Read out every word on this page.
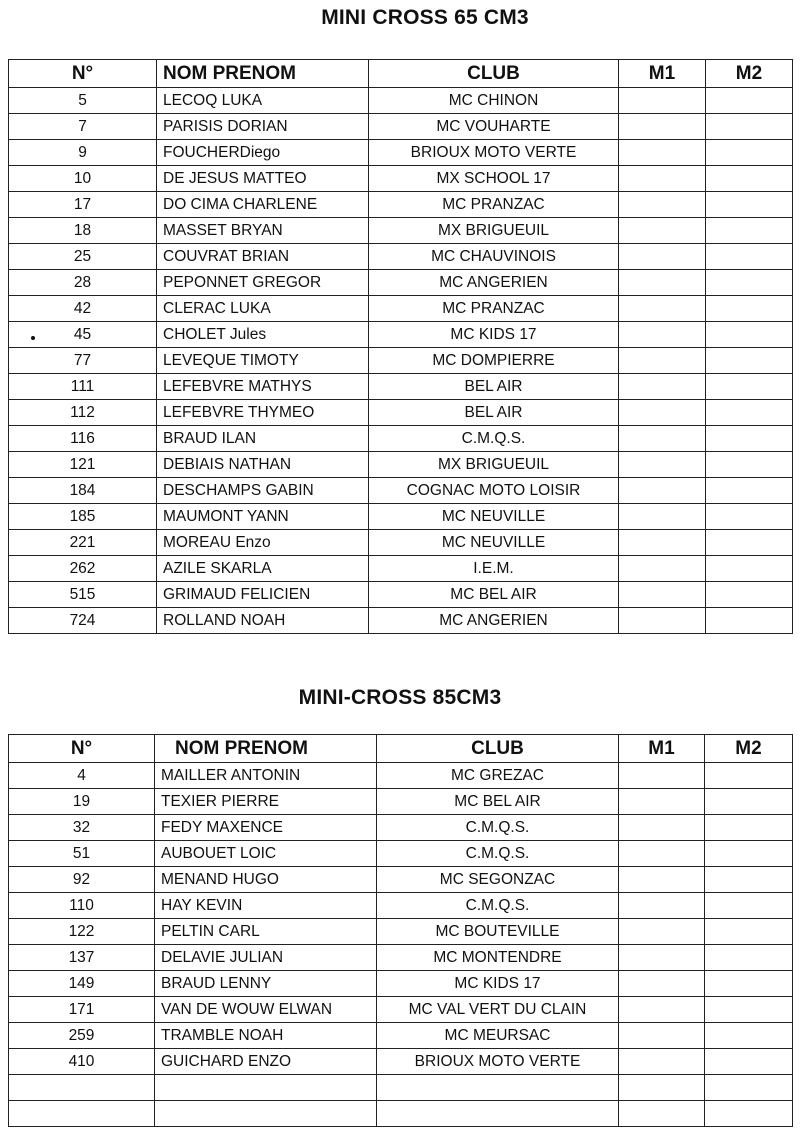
MINI CROSS 65 CM3
N°	NOM PRENOM	CLUB	M1	M2
5	LECOQ LUKA	MC CHINON		
7	PARISIS DORIAN	MC VOUHARTE		
9	FOUCHERDiego	BRIOUX MOTO VERTE		
10	DE JESUS MATTEO	MX SCHOOL 17		
17	DO CIMA CHARLENE	MC PRANZAC		
18	MASSET BRYAN	MX BRIGUEUIL		
25	COUVRAT BRIAN	MC CHAUVINOIS		
28	PEPONNET GREGOR	MC ANGERIEN		
42	CLERAC LUKA	MC PRANZAC		
45	CHOLET Jules	MC KIDS 17		
77	LEVEQUE TIMOTY	MC DOMPIERRE		
111	LEFEBVRE MATHYS	BEL AIR		
112	LEFEBVRE THYMEO	BEL AIR		
116	BRAUD ILAN	C.M.Q.S.		
121	DEBIAIS NATHAN	MX BRIGUEUIL		
184	DESCHAMPS GABIN	COGNAC MOTO LOISIR		
185	MAUMONT YANN	MC NEUVILLE		
221	MOREAU Enzo	MC NEUVILLE		
262	AZILE SKARLA	I.E.M.		
515	GRIMAUD FELICIEN	MC BEL AIR		
724	ROLLAND NOAH	MC ANGERIEN		
MINI-CROSS 85CM3
N°	NOM PRENOM	CLUB	M1	M2
4	MAILLER ANTONIN	MC GREZAC		
19	TEXIER PIERRE	MC BEL AIR		
32	FEDY MAXENCE	C.M.Q.S.		
51	AUBOUET LOIC	C.M.Q.S.		
92	MENAND HUGO	MC SEGONZAC		
110	HAY KEVIN	C.M.Q.S.		
122	PELTIN CARL	MC BOUTEVILLE		
137	DELAVIE JULIAN	MC MONTENDRE		
149	BRAUD LENNY	MC KIDS 17		
171	VAN DE WOUW ELWAN	MC VAL VERT DU CLAIN		
259	TRAMBLE NOAH	MC MEURSAC		
410	GUICHARD ENZO	BRIOUX MOTO VERTE		
